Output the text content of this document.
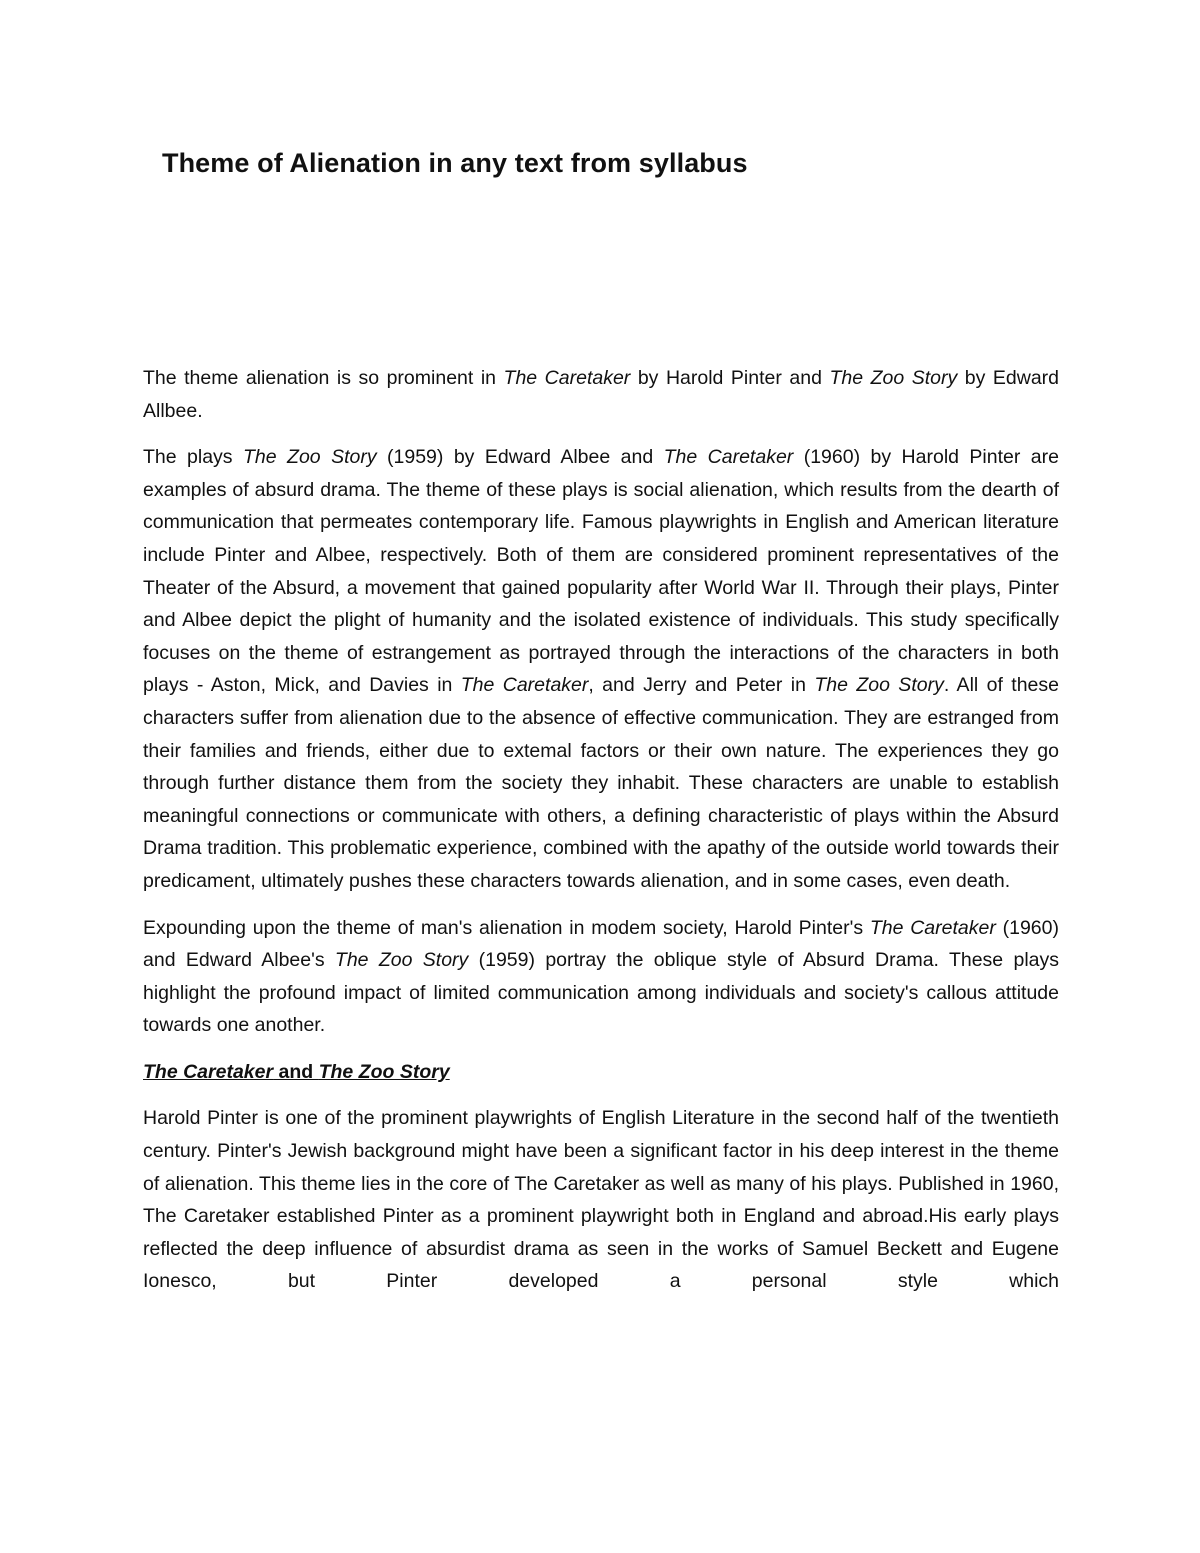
Theme of Alienation in any text from syllabus

The theme alienation is so prominent in The Caretaker by Harold Pinter and The Zoo Story by Edward Allbee.

The plays The Zoo Story (1959) by Edward Albee and The Caretaker (1960) by Harold Pinter are examples of absurd drama. The theme of these plays is social alienation, which results from the dearth of communication that permeates contemporary life. Famous playwrights in English and American literature include Pinter and Albee, respectively. Both of them are considered prominent representatives of the Theater of the Absurd, a movement that gained popularity after World War II. Through their plays, Pinter and Albee depict the plight of humanity and the isolated existence of individuals. This study specifically focuses on the theme of estrangement as portrayed through the interactions of the characters in both plays - Aston, Mick, and Davies in The Caretaker, and Jerry and Peter in The Zoo Story. All of these characters suffer from alienation due to the absence of effective communication. They are estranged from their families and friends, either due to extemal factors or their own nature. The experiences they go through further distance them from the society they inhabit. These characters are unable to establish meaningful connections or communicate with others, a defining characteristic of plays within the Absurd Drama tradition. This problematic experience, combined with the apathy of the outside world towards their predicament, ultimately pushes these characters towards alienation, and in some cases, even death.

Expounding upon the theme of man's alienation in modem society, Harold Pinter's The Caretaker (1960) and Edward Albee's The Zoo Story (1959) portray the oblique style of Absurd Drama. These plays highlight the profound impact of limited communication among individuals and society's callous attitude towards one another.

The Caretaker and The Zoo Story

Harold Pinter is one of the prominent playwrights of English Literature in the second half of the twentieth century. Pinter's Jewish background might have been a significant factor in his deep interest in the theme of alienation. This theme lies in the core of The Caretaker as well as many of his plays. Published in 1960, The Caretaker established Pinter as a prominent playwright both in England and abroad.His early plays reflected the deep influence of absurdist drama as seen in the works of Samuel Beckett and Eugene Ionesco, but Pinter developed a personal style which
